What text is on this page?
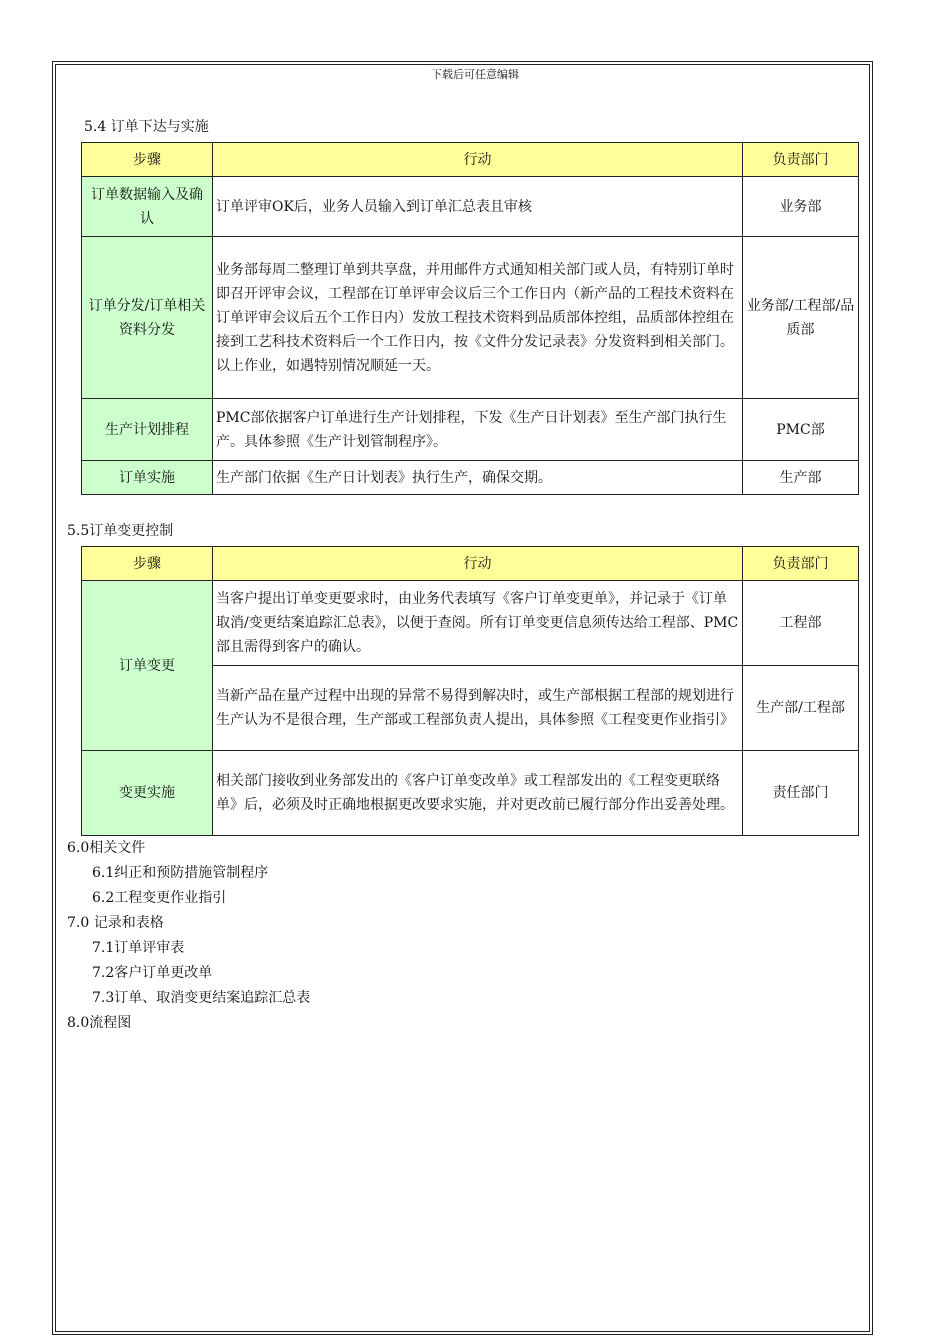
下载后可任意编辑
5.4 订单下达与实施
步骤	行动	负责部门
订单数据输入及确认	订单评审OK后，业务人员输入到订单汇总表且审核	业务部
订单分发/订单相关资料分发	业务部每周二整理订单到共享盘，并用邮件方式通知相关部门或人员，有特别订单时即召开评审会议，工程部在订单评审会议后三个工作日内（新产品的工程技术资料在订单评审会议后五个工作日内）发放工程技术资料到品质部体控组，品质部体控组在接到工艺科技术资料后一个工作日内，按《文件分发记录表》分发资料到相关部门。以上作业，如遇特别情况顺延一天。	业务部/工程部/品质部
生产计划排程	PMC部依据客户订单进行生产计划排程，下发《生产日计划表》至生产部门执行生产。具体参照《生产计划管制程序》。	PMC部
订单实施	生产部门依据《生产日计划表》执行生产，确保交期。	生产部
5.5订单变更控制
步骤	行动	负责部门
订单变更	当客户提出订单变更要求时，由业务代表填写《客户订单变更单》，并记录于《订单取消/变更结案追踪汇总表》，以便于查阅。所有订单变更信息须传达给工程部、PMC部且需得到客户的确认。	工程部
	当新产品在量产过程中出现的异常不易得到解决时，或生产部根据工程部的规划进行生产认为不是很合理，生产部或工程部负责人提出，具体参照《工程变更作业指引》	生产部/工程部
变更实施	相关部门接收到业务部发出的《客户订单变改单》或工程部发出的《工程变更联络单》后，必须及时正确地根据更改要求实施，并对更改前已履行部分作出妥善处理。	责任部门
6.0相关文件
6.1纠正和预防措施管制程序
6.2工程变更作业指引
7.0 记录和表格
7.1订单评审表
7.2客户订单更改单
7.3订单、取消变更结案追踪汇总表
8.0流程图
